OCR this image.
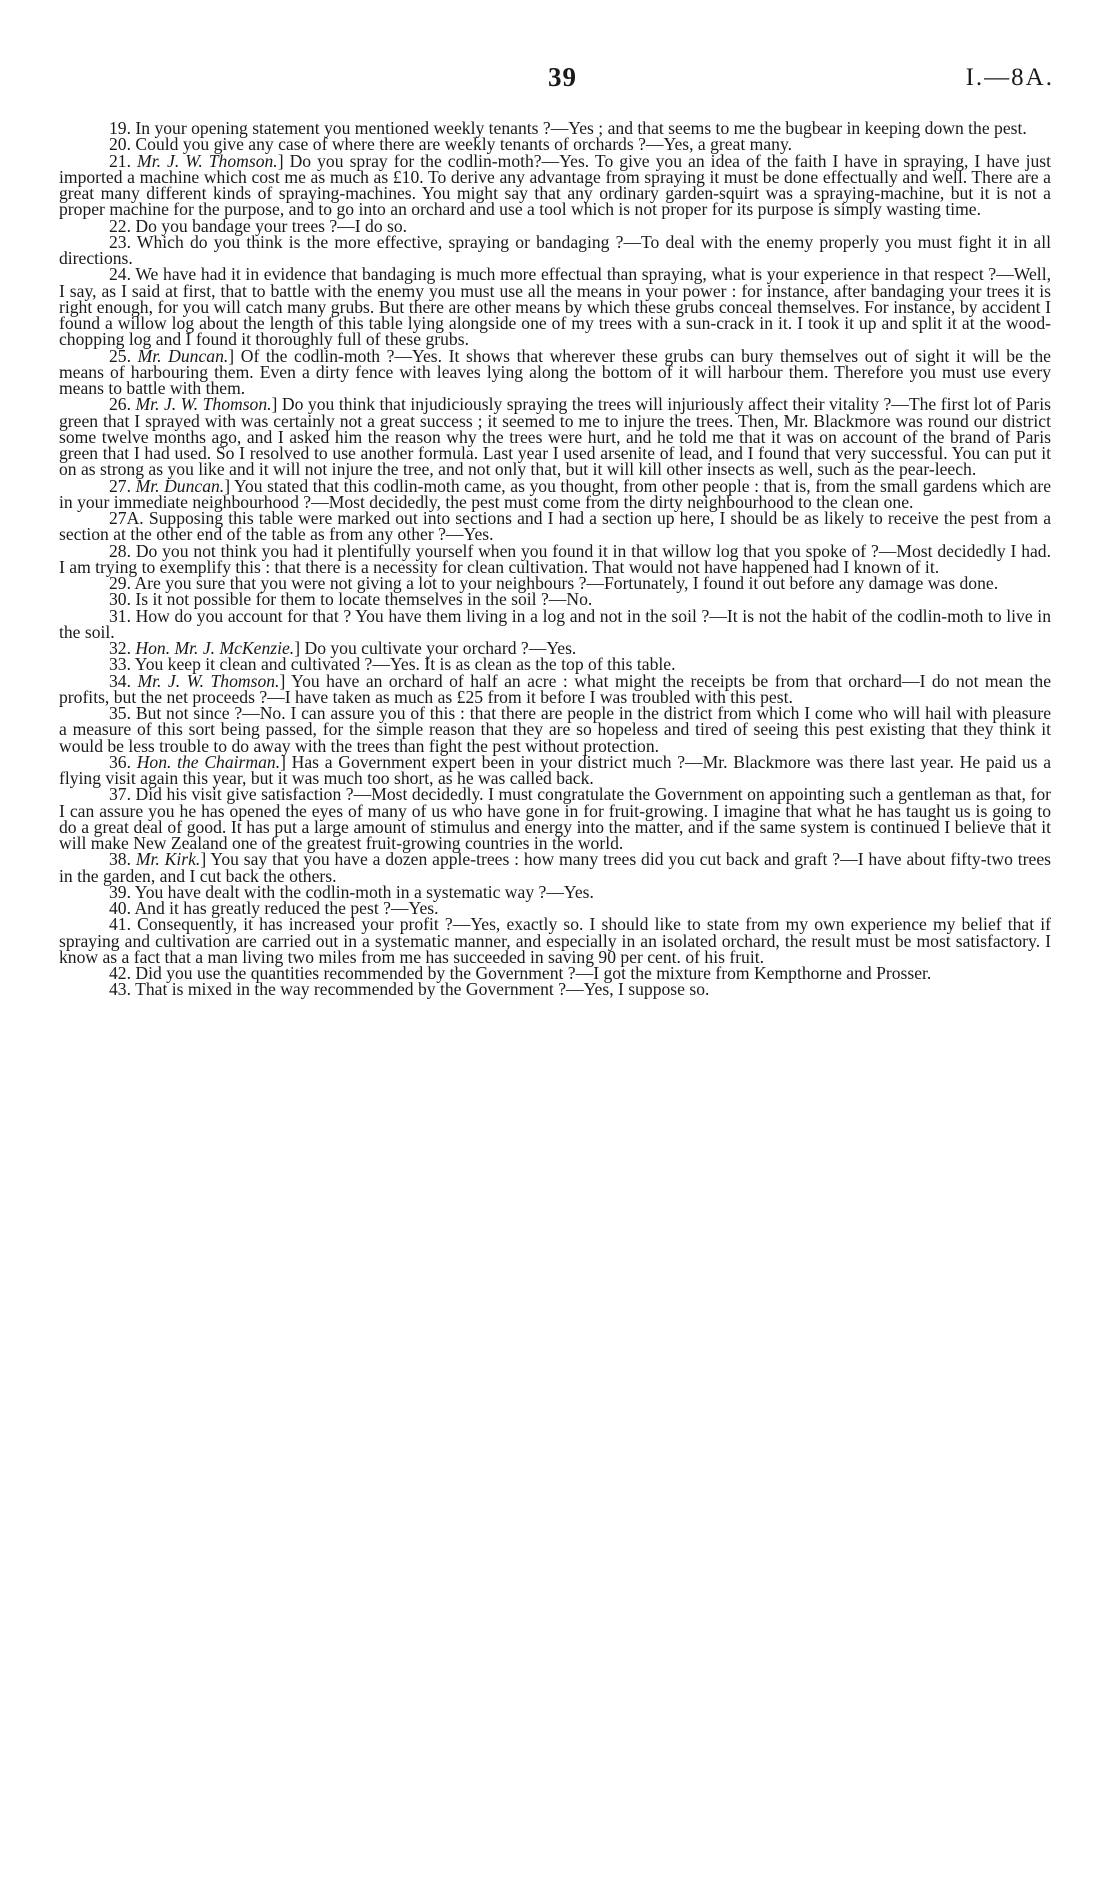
39	I.—8A.

19. In your opening statement you mentioned weekly tenants ?—Yes ; and that seems to me the bugbear in keeping down the pest.

20. Could you give any case of where there are weekly tenants of orchards ?—Yes, a great many.

21. Mr. J. W. Thomson.] Do you spray for the codlin-moth?—Yes. To give you an idea of the faith I have in spraying, I have just imported a machine which cost me as much as £10. To derive any advantage from spraying it must be done effectually and well. There are a great many different kinds of spraying-machines. You might say that any ordinary garden-squirt was a spraying-machine, but it is not a proper machine for the purpose, and to go into an orchard and use a tool which is not proper for its purpose is simply wasting time.

22. Do you bandage your trees ?—I do so.

23. Which do you think is the more effective, spraying or bandaging ?—To deal with the enemy properly you must fight it in all directions.

24. We have had it in evidence that bandaging is much more effectual than spraying, what is your experience in that respect ?—Well, I say, as I said at first, that to battle with the enemy you must use all the means in your power : for instance, after bandaging your trees it is right enough, for you will catch many grubs. But there are other means by which these grubs conceal themselves. For instance, by accident I found a willow log about the length of this table lying alongside one of my trees with a sun-crack in it. I took it up and split it at the wood-chopping log and I found it thoroughly full of these grubs.

25. Mr. Duncan.] Of the codlin-moth ?—Yes. It shows that wherever these grubs can bury themselves out of sight it will be the means of harbouring them. Even a dirty fence with leaves lying along the bottom of it will harbour them. Therefore you must use every means to battle with them.

26. Mr. J. W. Thomson.] Do you think that injudiciously spraying the trees will injuriously affect their vitality ?—The first lot of Paris green that I sprayed with was certainly not a great success ; it seemed to me to injure the trees. Then, Mr. Blackmore was round our district some twelve months ago, and I asked him the reason why the trees were hurt, and he told me that it was on account of the brand of Paris green that I had used. So I resolved to use another formula. Last year I used arsenite of lead, and I found that very successful. You can put it on as strong as you like and it will not injure the tree, and not only that, but it will kill other insects as well, such as the pear-leech.

27. Mr. Duncan.] You stated that this codlin-moth came, as you thought, from other people : that is, from the small gardens which are in your immediate neighbourhood ?—Most decidedly, the pest must come from the dirty neighbourhood to the clean one.

27A. Supposing this table were marked out into sections and I had a section up here, I should be as likely to receive the pest from a section at the other end of the table as from any other ?—Yes.

28. Do you not think you had it plentifully yourself when you found it in that willow log that you spoke of ?—Most decidedly I had. I am trying to exemplify this : that there is a necessity for clean cultivation. That would not have happened had I known of it.

29. Are you sure that you were not giving a lot to your neighbours ?—Fortunately, I found it out before any damage was done.

30. Is it not possible for them to locate themselves in the soil ?—No.

31. How do you account for that ? You have them living in a log and not in the soil ?—It is not the habit of the codlin-moth to live in the soil.

32. Hon. Mr. J. McKenzie.] Do you cultivate your orchard ?—Yes.

33. You keep it clean and cultivated ?—Yes. It is as clean as the top of this table.

34. Mr. J. W. Thomson.] You have an orchard of half an acre : what might the receipts be from that orchard—I do not mean the profits, but the net proceeds ?—I have taken as much as £25 from it before I was troubled with this pest.

35. But not since ?—No. I can assure you of this : that there are people in the district from which I come who will hail with pleasure a measure of this sort being passed, for the simple reason that they are so hopeless and tired of seeing this pest existing that they think it would be less trouble to do away with the trees than fight the pest without protection.

36. Hon. the Chairman.] Has a Government expert been in your district much ?—Mr. Blackmore was there last year. He paid us a flying visit again this year, but it was much too short, as he was called back.

37. Did his visit give satisfaction ?—Most decidedly. I must congratulate the Government on appointing such a gentleman as that, for I can assure you he has opened the eyes of many of us who have gone in for fruit-growing. I imagine that what he has taught us is going to do a great deal of good. It has put a large amount of stimulus and energy into the matter, and if the same system is continued I believe that it will make New Zealand one of the greatest fruit-growing countries in the world.

38. Mr. Kirk.] You say that you have a dozen apple-trees : how many trees did you cut back and graft ?—I have about fifty-two trees in the garden, and I cut back the others.

39. You have dealt with the codlin-moth in a systematic way ?—Yes.

40. And it has greatly reduced the pest ?—Yes.

41. Consequently, it has increased your profit ?—Yes, exactly so. I should like to state from my own experience my belief that if spraying and cultivation are carried out in a systematic manner, and especially in an isolated orchard, the result must be most satisfactory. I know as a fact that a man living two miles from me has succeeded in saving 90 per cent. of his fruit.

42. Did you use the quantities recommended by the Government ?—I got the mixture from Kempthorne and Prosser.

43. That is mixed in the way recommended by the Government ?—Yes, I suppose so.
